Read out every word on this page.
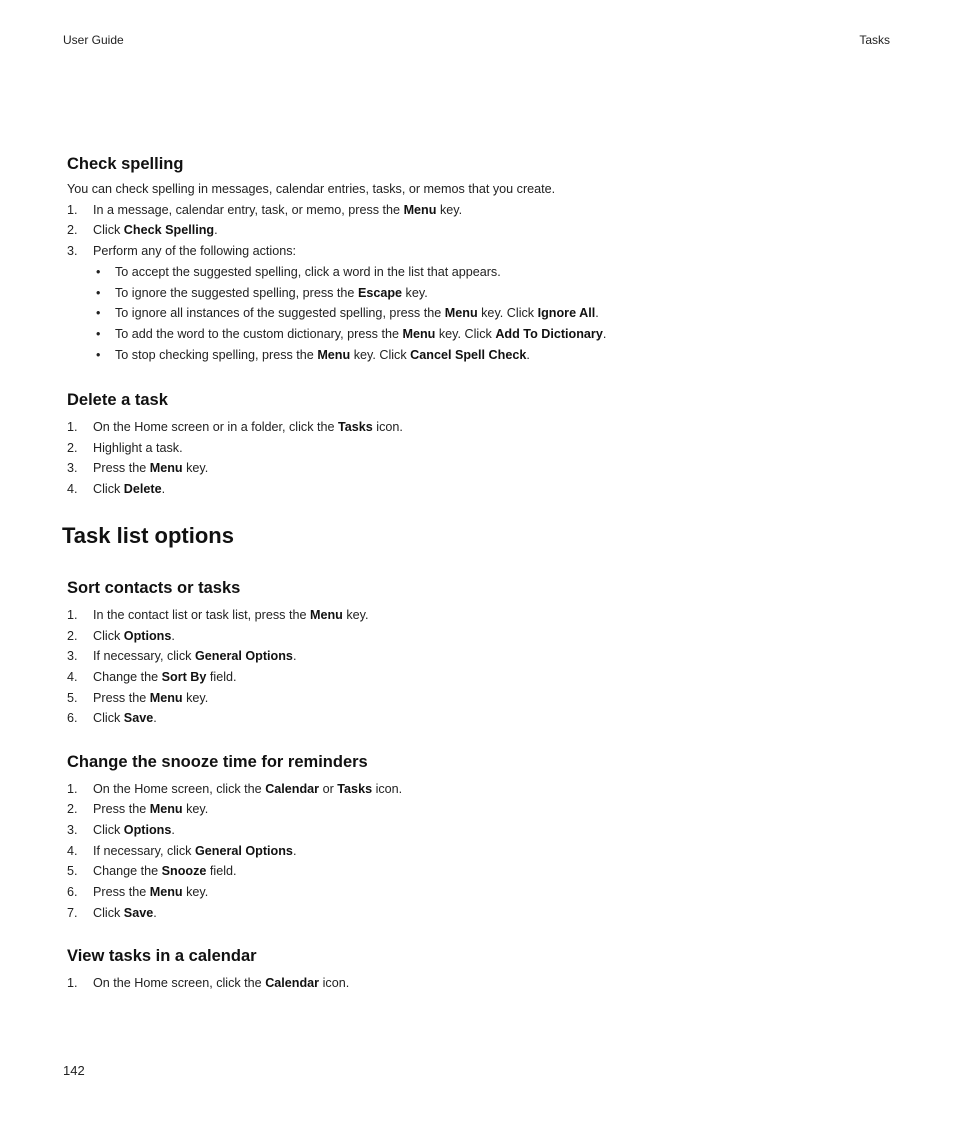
User Guide	Tasks
Check spelling
You can check spelling in messages, calendar entries, tasks, or memos that you create.
1. In a message, calendar entry, task, or memo, press the Menu key.
2. Click Check Spelling.
3. Perform any of the following actions:
• To accept the suggested spelling, click a word in the list that appears.
• To ignore the suggested spelling, press the Escape key.
• To ignore all instances of the suggested spelling, press the Menu key. Click Ignore All.
• To add the word to the custom dictionary, press the Menu key. Click Add To Dictionary.
• To stop checking spelling, press the Menu key. Click Cancel Spell Check.
Delete a task
1. On the Home screen or in a folder, click the Tasks icon.
2. Highlight a task.
3. Press the Menu key.
4. Click Delete.
Task list options
Sort contacts or tasks
1. In the contact list or task list, press the Menu key.
2. Click Options.
3. If necessary, click General Options.
4. Change the Sort By field.
5. Press the Menu key.
6. Click Save.
Change the snooze time for reminders
1. On the Home screen, click the Calendar or Tasks icon.
2. Press the Menu key.
3. Click Options.
4. If necessary, click General Options.
5. Change the Snooze field.
6. Press the Menu key.
7. Click Save.
View tasks in a calendar
1. On the Home screen, click the Calendar icon.
142
